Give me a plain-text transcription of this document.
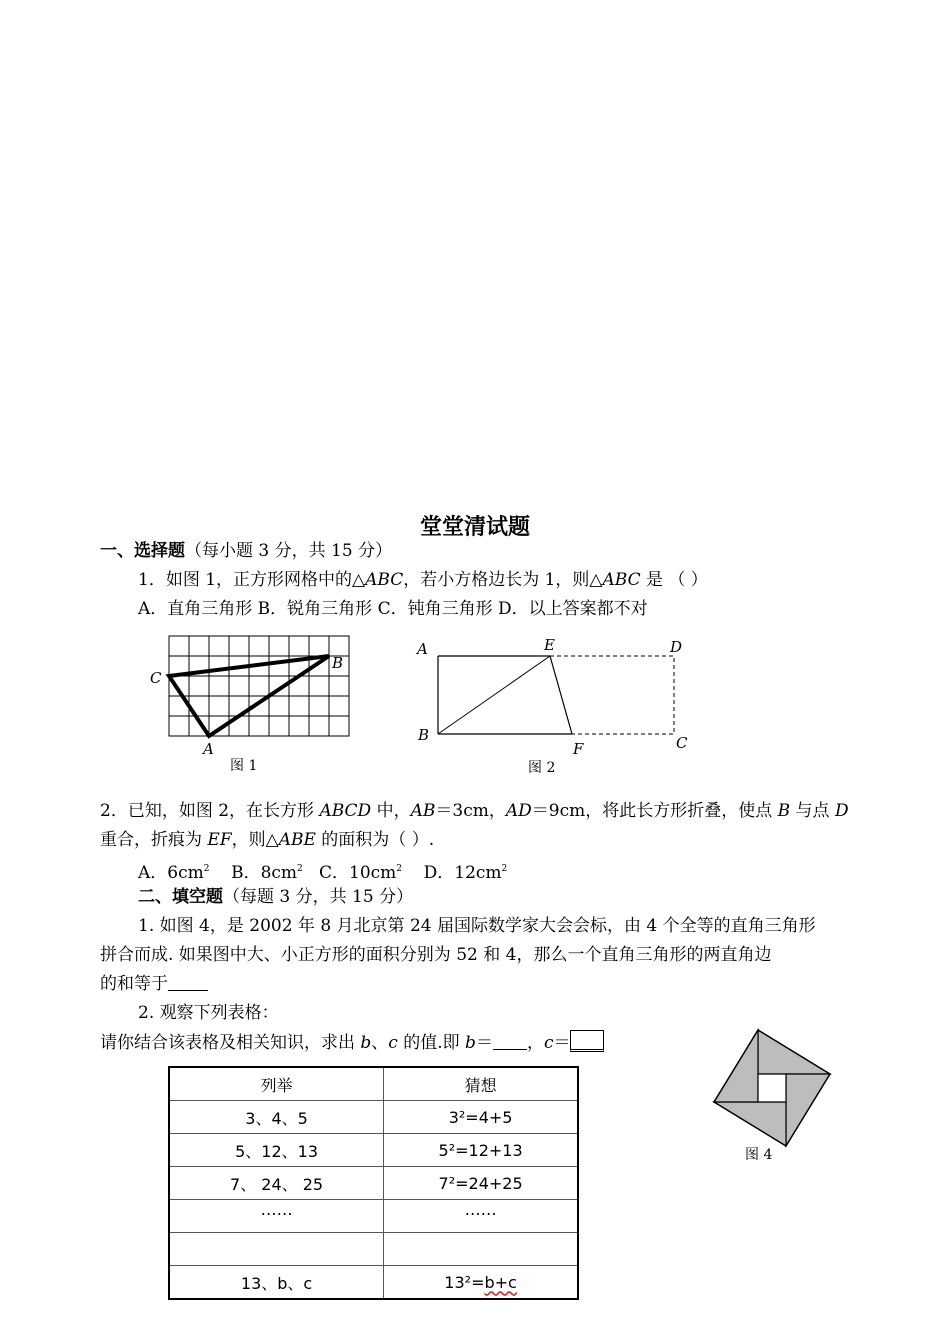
堂堂清试题
一、选择题（每小题 3 分，共 15 分）
1．如图 1，正方形网格中的△ABC，若小方格边长为 1，则△ABC 是 （ ）
A．直角三角形 B．锐角三角形 C．钝角三角形 D．以上答案都不对
C
B
A
图 1
A	E	D
B
F	C
图 2
2．已知，如图 2，在长方形 ABCD 中，AB＝3cm，AD＝9cm，将此长方形折叠，使点 B 与点 D
重合，折痕为 EF，则△ABE 的面积为（ ）.
A．$6cm^2$ B．$8cm^2$ C．$10cm^2$ D．$12cm^2$
二、填空题（每题 3 分，共 15 分）
1. 如图 4，是 2002 年 8 月北京第 24 届国际数学家大会会标，由 4 个全等的直角三角形
拼合而成. 如果图中大、小正方形的面积分别为 52 和 4，那么一个直角三角形的两直角边
的和等于
2. 观察下列表格：
请你结合该表格及相关知识，求出 b、c 的值.即 b＝ ，c＝
列举	猜想
3、4、5	3²=4+5
5、12、13	5²=12+13
7、 24、 25	7²=24+25
……	……

13、b、c	13²=b+c
图 4
